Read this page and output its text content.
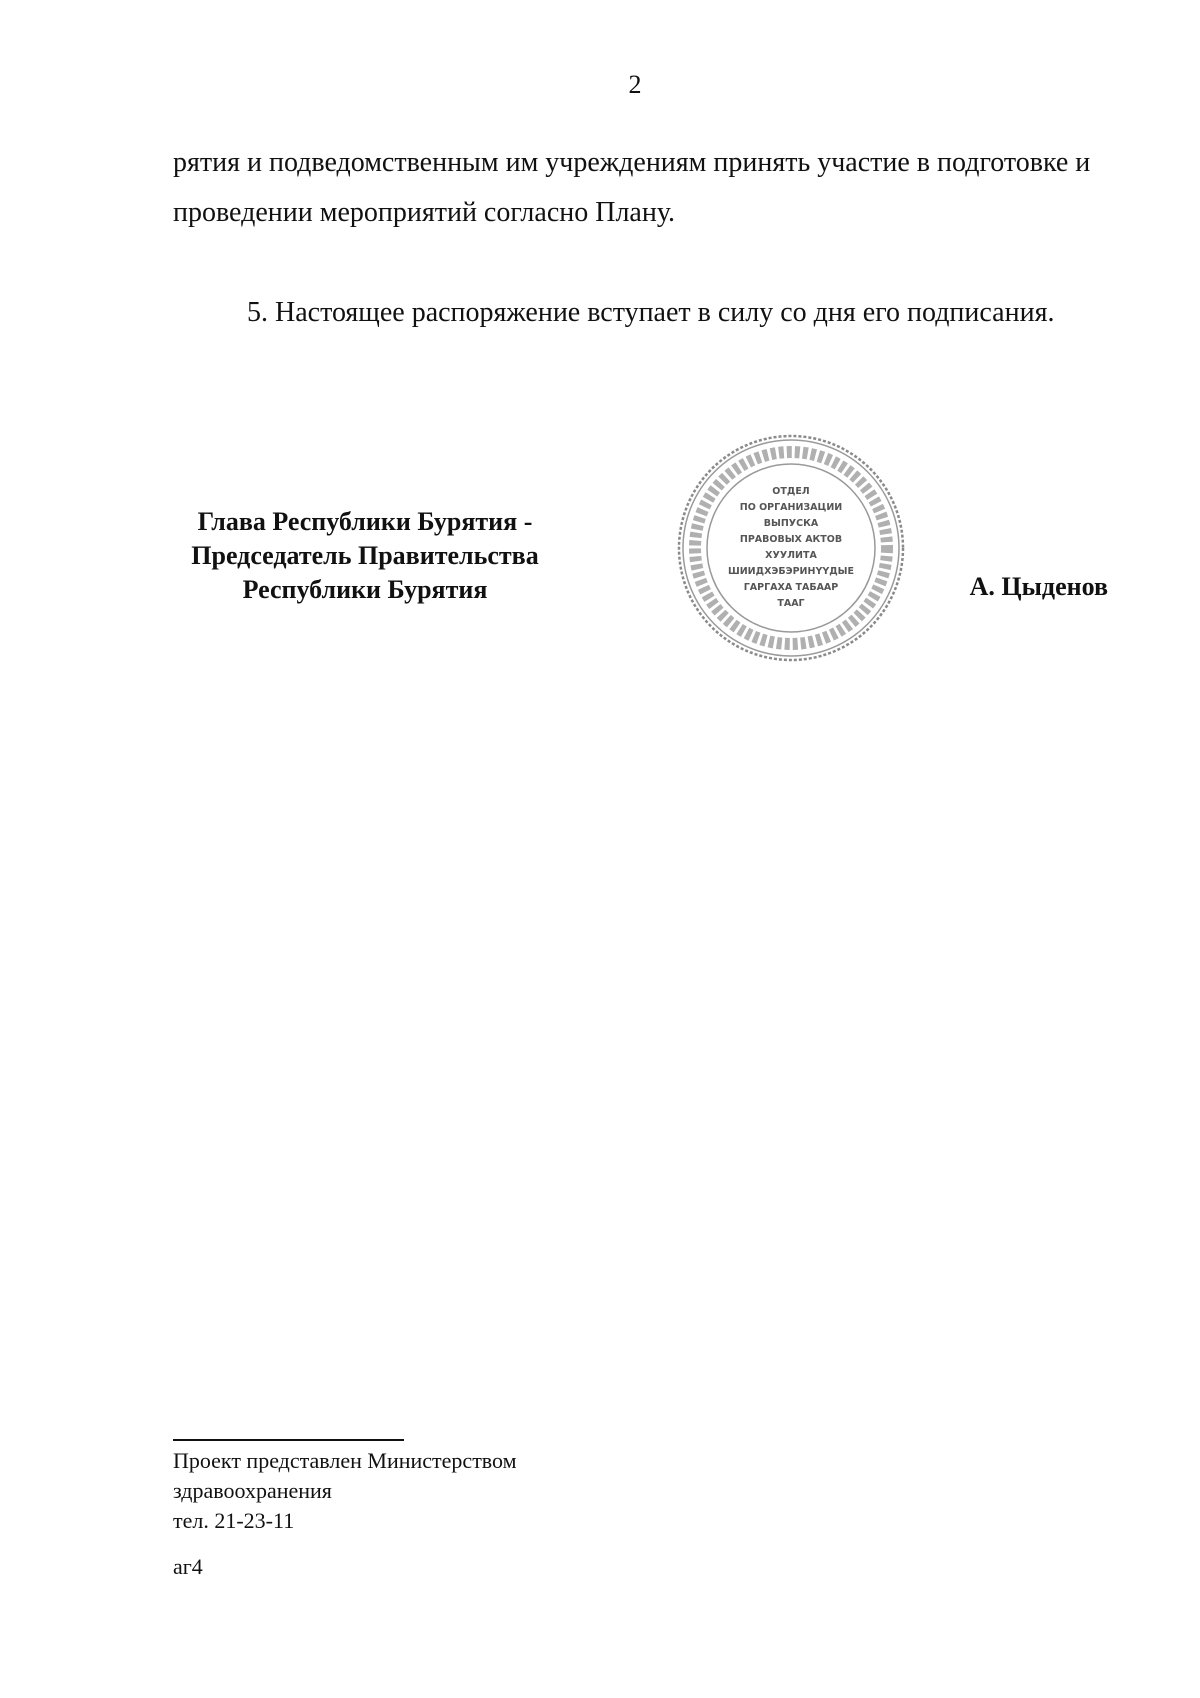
2
рятия и подведомственным им учреждениям принять участие в подготовке и проведении мероприятий согласно Плану.
5. Настоящее распоряжение вступает в силу со дня его подписания.
Глава Республики Бурятия -
Председатель Правительства
Республики Бурятия
ОТДЕЛ
ПО ОРГАНИЗАЦИИ
ВЫПУСКА
ПРАВОВЫХ АКТОВ
ХУУЛИТА
ШИИДХЭБЭРИНҮҮДЫЕ
ГАРГАХА ТАБААР
ТААГ
А. Цыденов
Проект представлен Министерством
здравоохранения
тел. 21-23-11
аг4
